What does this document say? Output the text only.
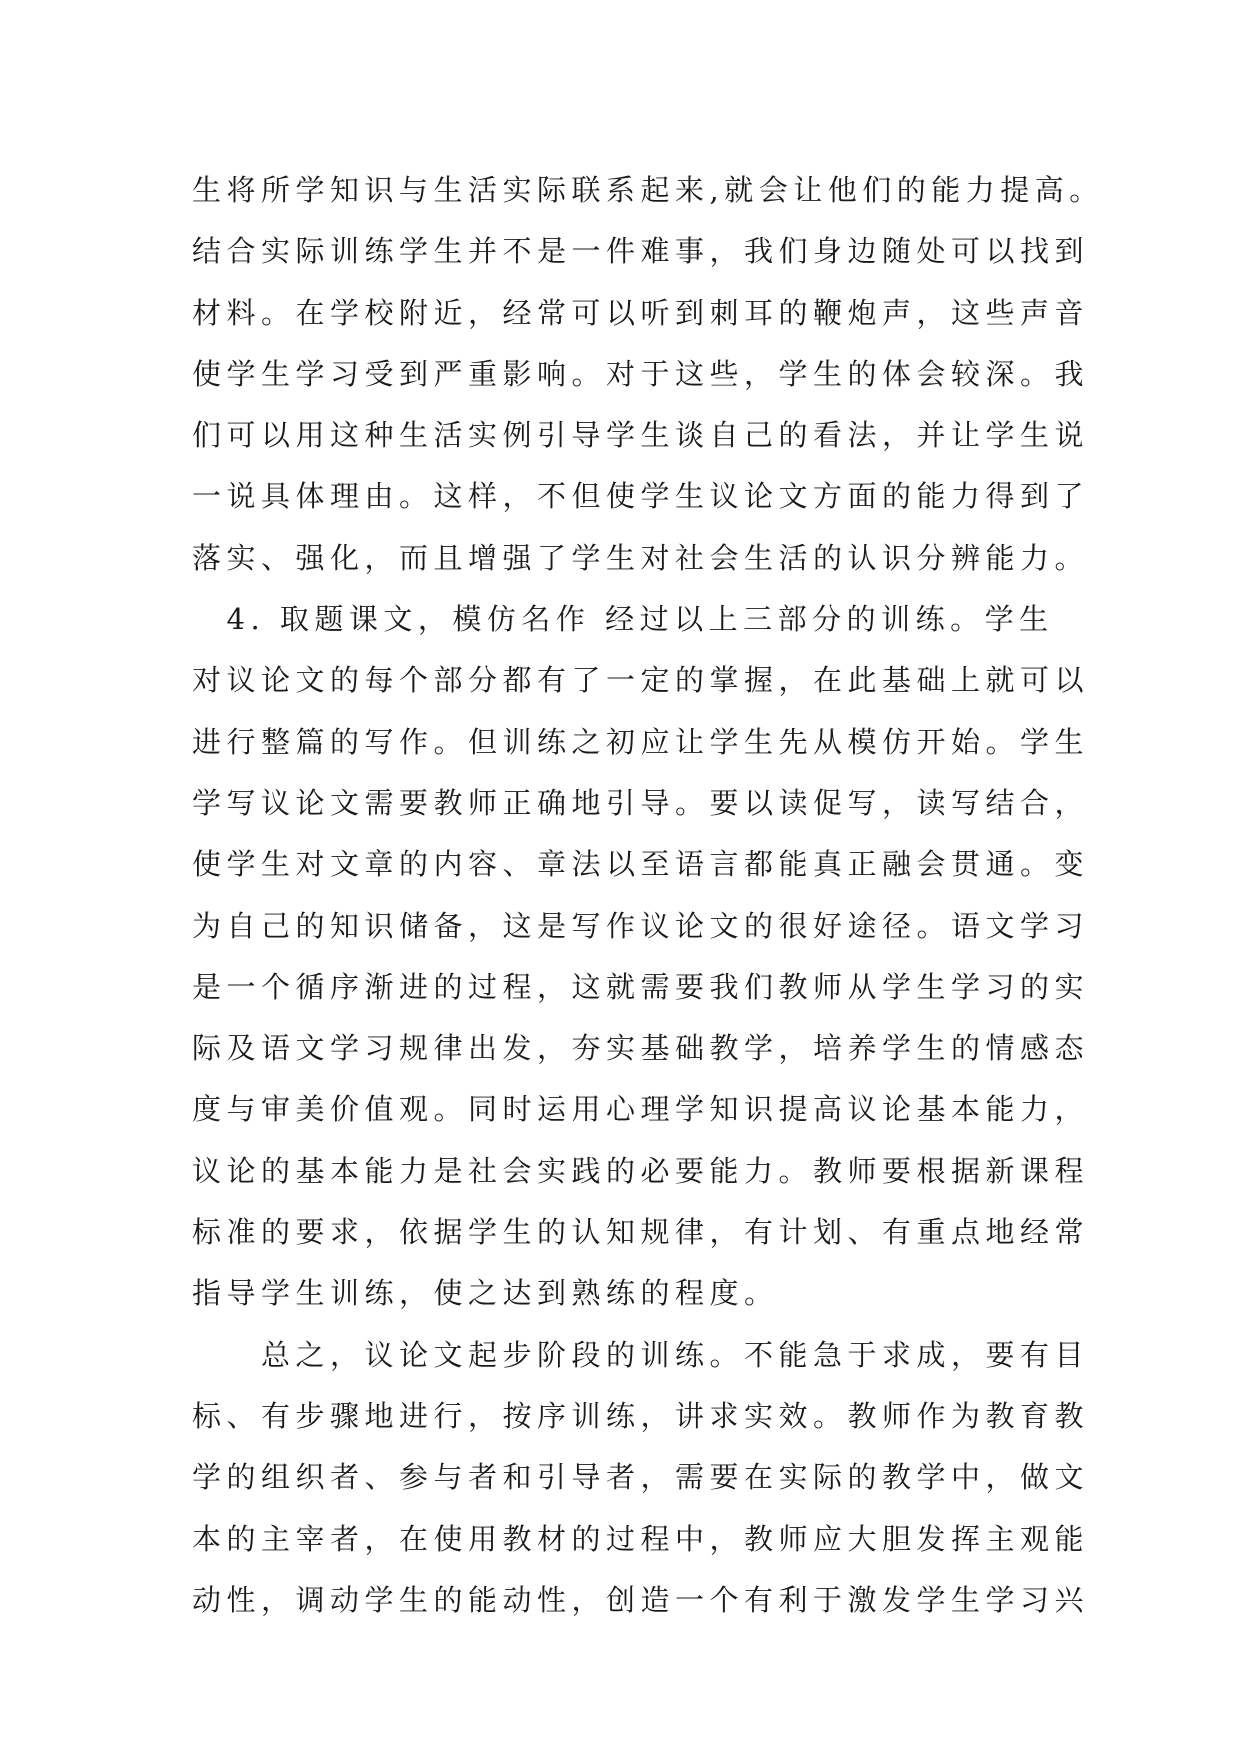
生将所学知识与生活实际联系起来,就会让他们的能力提高。
结合实际训练学生并不是一件难事，我们身边随处可以找到
材料。在学校附近，经常可以听到刺耳的鞭炮声，这些声音
使学生学习受到严重影响。对于这些，学生的体会较深。我
们可以用这种生活实例引导学生谈自己的看法，并让学生说
一说具体理由。这样，不但使学生议论文方面的能力得到了
落实、强化，而且增强了学生对社会生活的认识分辨能力。
　4. 取题课文，模仿名作 经过以上三部分的训练。学生
对议论文的每个部分都有了一定的掌握，在此基础上就可以
进行整篇的写作。但训练之初应让学生先从模仿开始。学生
学写议论文需要教师正确地引导。要以读促写，读写结合，
使学生对文章的内容、章法以至语言都能真正融会贯通。变
为自己的知识储备，这是写作议论文的很好途径。语文学习
是一个循序渐进的过程，这就需要我们教师从学生学习的实
际及语文学习规律出发，夯实基础教学，培养学生的情感态
度与审美价值观。同时运用心理学知识提高议论基本能力，
议论的基本能力是社会实践的必要能力。教师要根据新课程
标准的要求，依据学生的认知规律，有计划、有重点地经常
指导学生训练，使之达到熟练的程度。
　　总之，议论文起步阶段的训练。不能急于求成，要有目
标、有步骤地进行，按序训练，讲求实效。教师作为教育教
学的组织者、参与者和引导者，需要在实际的教学中，做文
本的主宰者，在使用教材的过程中，教师应大胆发挥主观能
动性，调动学生的能动性，创造一个有利于激发学生学习兴
